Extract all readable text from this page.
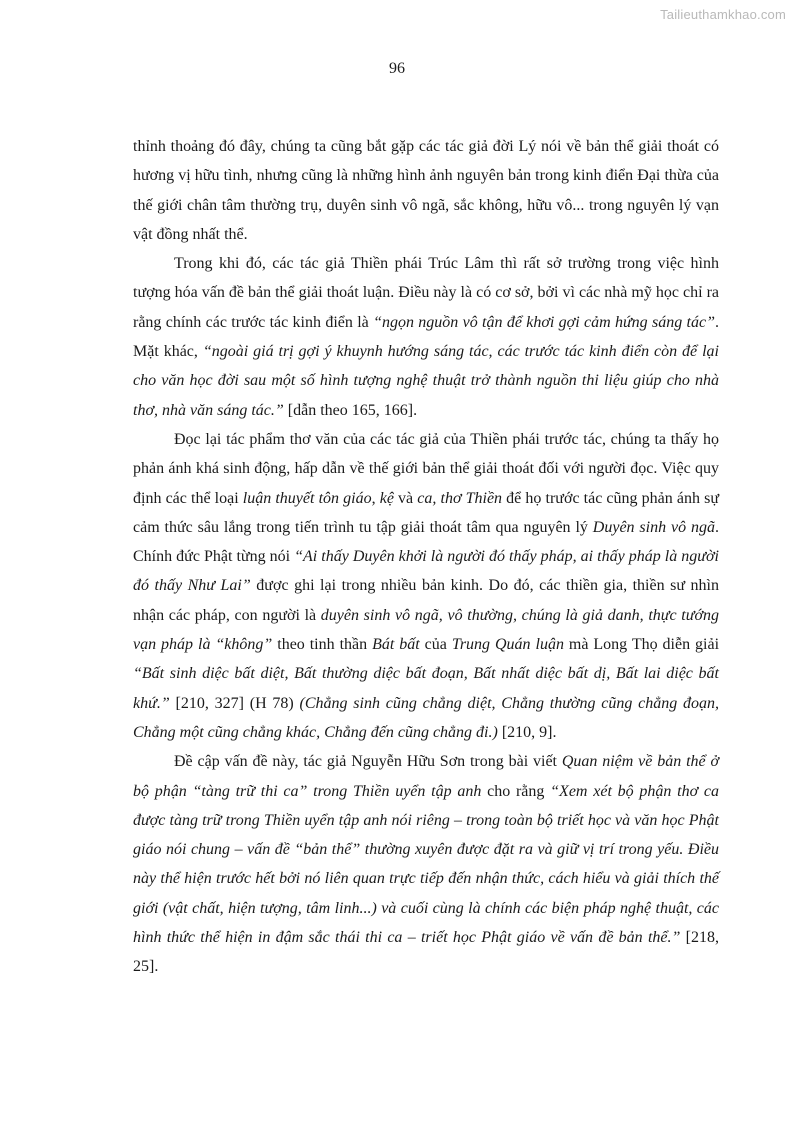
Tailieuthamkhao.com
96

thỉnh thoảng đó đây, chúng ta cũng bắt gặp các tác giả đời Lý nói về bản thể giải thoát có hương vị hữu tình, nhưng cũng là những hình ảnh nguyên bản trong kinh điển Đại thừa của thế giới chân tâm thường trụ, duyên sinh vô ngã, sắc không, hữu vô... trong nguyên lý vạn vật đồng nhất thể.

Trong khi đó, các tác giả Thiền phái Trúc Lâm thì rất sở trường trong việc hình tượng hóa vấn đề bản thể giải thoát luận. Điều này là có cơ sở, bởi vì các nhà mỹ học chỉ ra rằng chính các trước tác kinh điển là “ngọn nguồn vô tận để khơi gợi cảm hứng sáng tác”. Mặt khác, “ngoài giá trị gợi ý khuynh hướng sáng tác, các trước tác kinh điển còn để lại cho văn học đời sau một số hình tượng nghệ thuật trở thành nguồn thi liệu giúp cho nhà thơ, nhà văn sáng tác.” [dẫn theo 165, 166].

Đọc lại tác phẩm thơ văn của các tác giả của Thiền phái trước tác, chúng ta thấy họ phản ánh khá sinh động, hấp dẫn về thế giới bản thể giải thoát đối với người đọc. Việc quy định các thể loại luận thuyết tôn giáo, kệ và ca, thơ Thiền để họ trước tác cũng phản ánh sự cảm thức sâu lắng trong tiến trình tu tập giải thoát tâm qua nguyên lý Duyên sinh vô ngã. Chính đức Phật từng nói “Ai thấy Duyên khởi là người đó thấy pháp, ai thấy pháp là người đó thấy Như Lai” được ghi lại trong nhiều bản kinh. Do đó, các thiền gia, thiền sư nhìn nhận các pháp, con người là duyên sinh vô ngã, vô thường, chúng là giả danh, thực tướng vạn pháp là “không” theo tinh thần Bát bất của Trung Quán luận mà Long Thọ diễn giải “Bất sinh diệc bất diệt, Bất thường diệc bất đoạn, Bất nhất diệc bất dị, Bất lai diệc bất khứ.” [210, 327] (H 78) (Chẳng sinh cũng chẳng diệt, Chẳng thường cũng chẳng đoạn, Chẳng một cũng chẳng khác, Chẳng đến cũng chẳng đi.) [210, 9].

Đề cập vấn đề này, tác giả Nguyễn Hữu Sơn trong bài viết Quan niệm về bản thể ở bộ phận “tàng trữ thi ca” trong Thiền uyển tập anh cho rằng “Xem xét bộ phận thơ ca được tàng trữ trong Thiền uyển tập anh nói riêng – trong toàn bộ triết học và văn học Phật giáo nói chung – vấn đề “bản thể” thường xuyên được đặt ra và giữ vị trí trong yếu. Điều này thể hiện trước hết bởi nó liên quan trực tiếp đến nhận thức, cách hiểu và giải thích thế giới (vật chất, hiện tượng, tâm linh...) và cuối cùng là chính các biện pháp nghệ thuật, các hình thức thể hiện in đậm sắc thái thi ca – triết học Phật giáo về vấn đề bản thể.” [218, 25].
